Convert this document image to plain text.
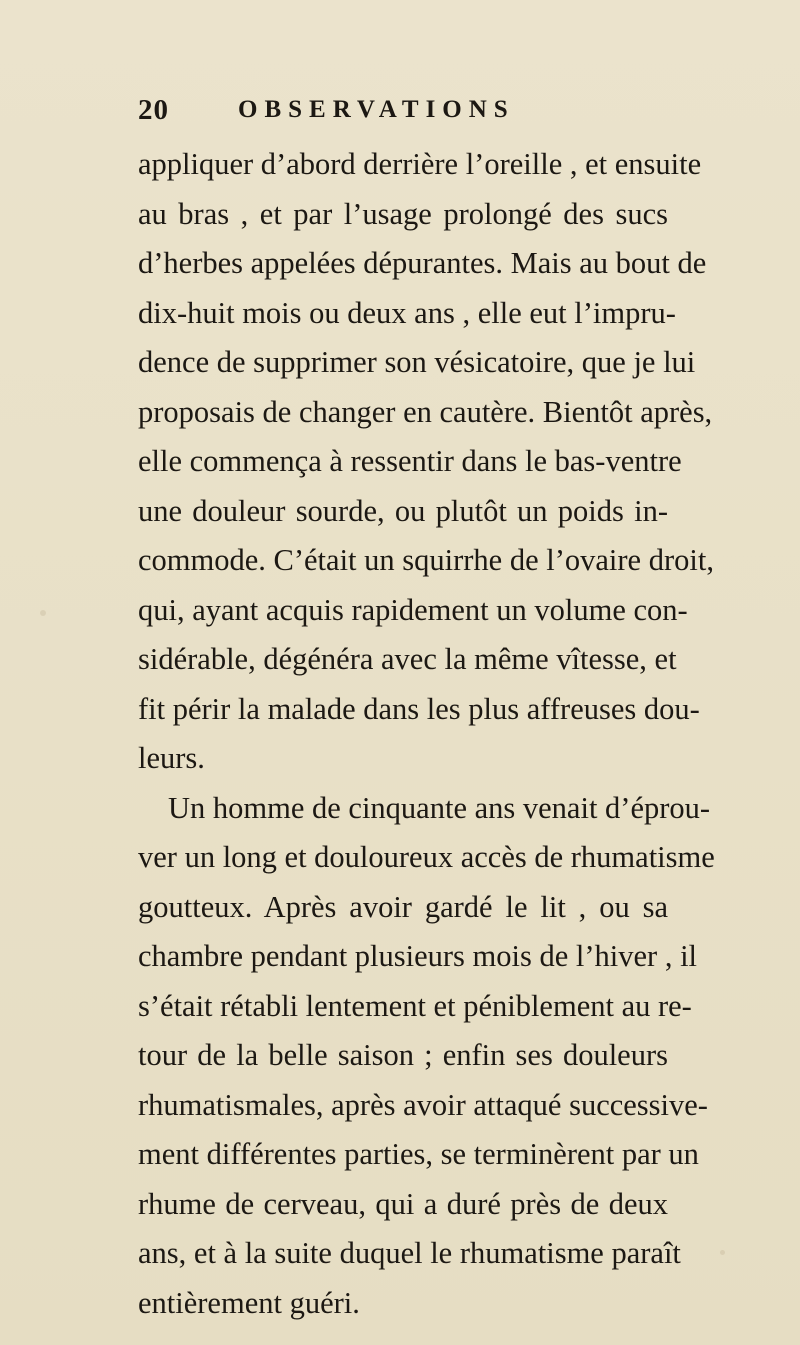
20	OBSERVATIONS
appliquer d’abord derrière l’oreille , et ensuite
au bras , et par l’usage prolongé des sucs
d’herbes appelées dépurantes. Mais au bout de
dix-huit mois ou deux ans , elle eut l’impru-
dence de supprimer son vésicatoire, que je lui
proposais de changer en cautère. Bientôt après,
elle commença à ressentir dans le bas-ventre
une douleur sourde, ou plutôt un poids in-
commode. C’était un squirrhe de l’ovaire droit,
qui, ayant acquis rapidement un volume con-
sidérable, dégénéra avec la même vîtesse, et
fit périr la malade dans les plus affreuses dou-
leurs.
Un homme de cinquante ans venait d’éprou-
ver un long et douloureux accès de rhumatisme
goutteux. Après avoir gardé le lit , ou sa
chambre pendant plusieurs mois de l’hiver , il
s’était rétabli lentement et péniblement au re-
tour de la belle saison ; enfin ses douleurs
rhumatismales, après avoir attaqué successive-
ment différentes parties, se terminèrent par un
rhume de cerveau, qui a duré près de deux
ans, et à la suite duquel le rhumatisme paraît
entièrement guéri.
